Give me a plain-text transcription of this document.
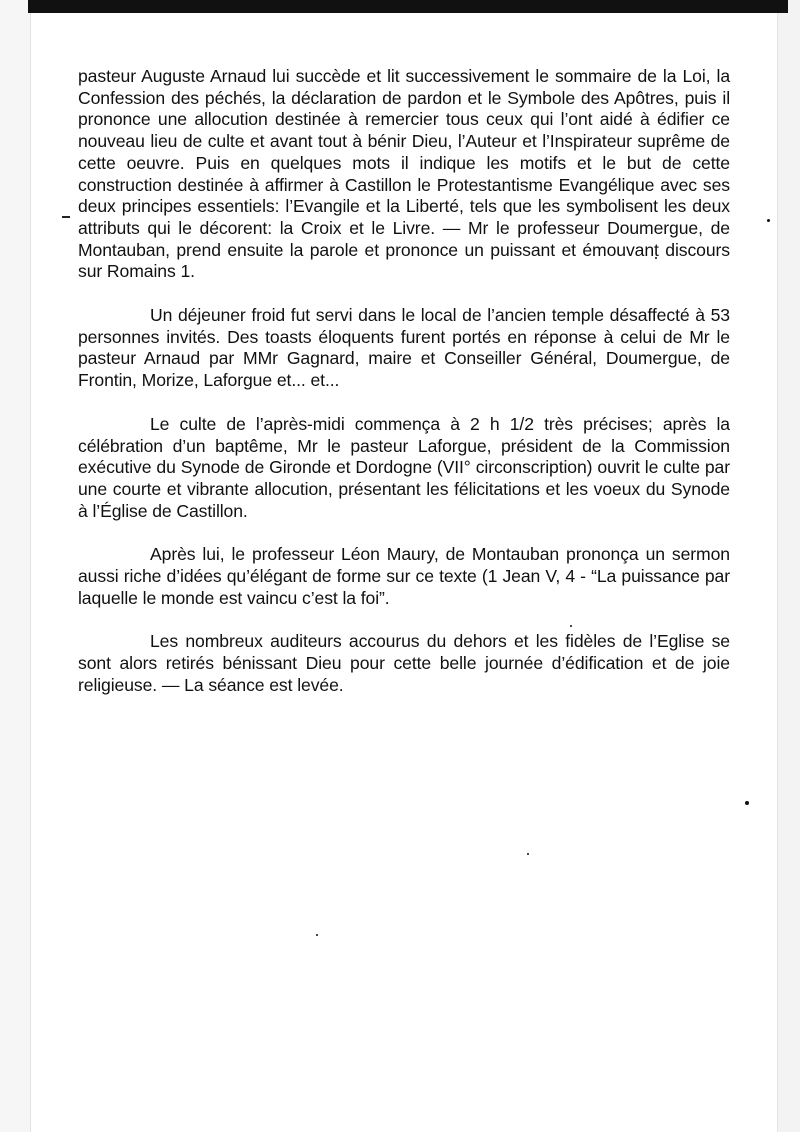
pasteur Auguste Arnaud lui succède et lit successivement le sommaire de la Loi, la Confession des péchés, la déclaration de pardon et le Symbole des Apôtres, puis il prononce une allocution destinée à remercier tous ceux qui l’ont aidé à édifier ce nouveau lieu de culte et avant tout à bénir Dieu, l’Auteur et l’Inspirateur suprême de cette oeuvre. Puis en quelques mots il indique les motifs et le but de cette construction destinée à affirmer à Castillon le Protestantisme Evangélique avec ses deux principes essentiels: l’Evangile et la Liberté, tels que les symbolisent les deux attributs qui le décorent: la Croix et le Livre. — Mr le professeur Doumergue, de Montauban, prend ensuite la parole et prononce un puissant et émouvant discours sur Romains 1.

Un déjeuner froid fut servi dans le local de l’ancien temple désaffecté à 53 personnes invités. Des toasts éloquents furent portés en réponse à celui de Mr le pasteur Arnaud par MMr Gagnard, maire et Conseiller Général, Doumergue, de Frontin, Morize, Laforgue et... et...

Le culte de l’après-midi commença à 2 h 1/2 très précises; après la célébration d’un baptême, Mr le pasteur Laforgue, président de la Commission exécutive du Synode de Gironde et Dordogne (VII° circonscription) ouvrit le culte par une courte et vibrante allocution, présentant les félicitations et les voeux du Synode à l’Église de Castillon.

Après lui, le professeur Léon Maury, de Montauban prononça un sermon aussi riche d’idées qu’élégant de forme sur ce texte (1 Jean V, 4 - “La puissance par laquelle le monde est vaincu c’est la foi”.

Les nombreux auditeurs accourus du dehors et les fidèles de l’Eglise se sont alors retirés bénissant Dieu pour cette belle journée d’édification et de joie religieuse. — La séance est levée.
